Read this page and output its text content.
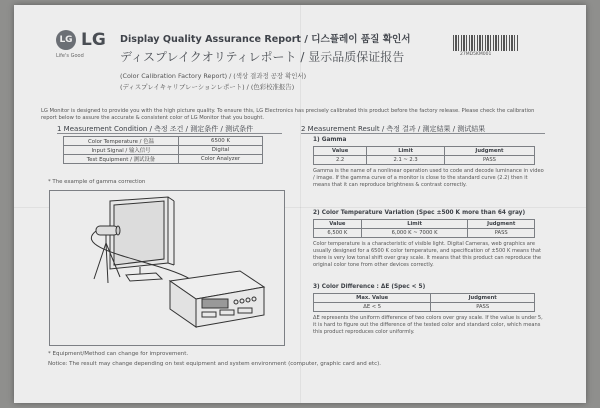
LG LG
Life's Good
Display Quality Assurance Report / 디스플레이 품질 확인서
ディスプレイクオリティレポート / 显示品质保证报告
(Color Calibration Factory Report) / (색상 결과정 공장 확인서)
(ディスプレイキャリブレーションレポート) / (色彩校准报告)
27MD5KM001
LG Monitor is designed to provide you with the high picture quality. To ensure this, LG Electronics has precisely calibrated this product before the factory release. Please check the calibration report below to assure the accurate & consistent color of LG Monitor that you bought.
1 Measurement Condition / 측정 조건 / 測定条件 / 测试条件
Color Temperature / 色温	6500 K
Input Signal / 输入信号	Digital
Test Equipment / 测试设备	Color Analyzer
* The example of gamma correction
* Equipment/Method can change for improvement.
Notice: The result may change depending on test equipment and system environment (computer, graphic card and etc).
2 Measurement Result / 측정 결과 / 測定結果 / 测试結果
1) Gamma
Value	Limit	Judgment
2.2	2.1 ~ 2.3	PASS
Gamma is the name of a nonlinear operation used to code and decode luminance in video / image. If the gamma curve of a monitor is close to the standard curve (2.2) then it means that it can reproduce brightness & contrast correctly.
2) Color Temperature Variation (Spec ±500 K more than 64 gray)
Value	Limit	Judgment
6,500 K	6,000 K ~ 7000 K	PASS
Color temperature is a characteristic of visible light. Digital Cameras, web graphics are usually designed for a 6500 K color temperature, and specification of ±500 K means that there is very low tonal shift over gray scale. It means that this product can reproduce the original color tone from other devices correctly.
3) Color Difference : ΔE (Spec < 5)
Max. Value	Judgment
ΔE < 5	PASS
ΔE represents the uniform difference of two colors over gray scale. If the value is under 5, it is hard to figure out the difference of the tested color and standard color, which means this product reproduces color uniformly.
